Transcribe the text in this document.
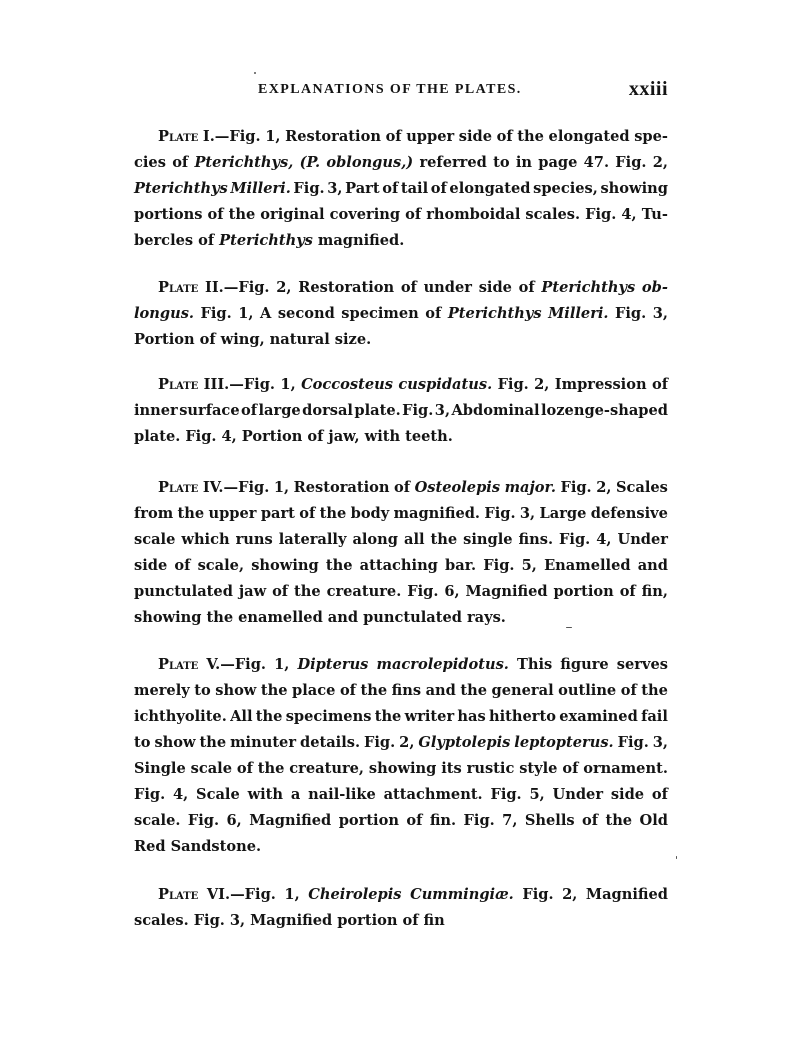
EXPLANATIONS OF THE PLATES.	xxiii
Plate I.—Fig. 1, Restoration of upper side of the elongated spe-
cies of Pterichthys, (P. oblongus,) referred to in page 47. Fig. 2,
Pterichthys Milleri. Fig. 3, Part of tail of elongated species, showing
portions of the original covering of rhomboidal scales. Fig. 4, Tu-
bercles of Pterichthys magnified.
Plate II.—Fig. 2, Restoration of under side of Pterichthys ob-
longus. Fig. 1, A second specimen of Pterichthys Milleri. Fig. 3,
Portion of wing, natural size.
Plate III.—Fig. 1, Coccosteus cuspidatus. Fig. 2, Impression of
inner surface of large dorsal plate. Fig. 3, Abdominal lozenge-shaped
plate. Fig. 4, Portion of jaw, with teeth.
Plate IV.—Fig. 1, Restoration of Osteolepis major. Fig. 2, Scales
from the upper part of the body magnified. Fig. 3, Large defensive
scale which runs laterally along all the single fins. Fig. 4, Under
side of scale, showing the attaching bar. Fig. 5, Enamelled and
punctulated jaw of the creature. Fig. 6, Magnified portion of fin,
showing the enamelled and punctulated rays.
Plate V.—Fig. 1, Dipterus macrolepidotus. This figure serves
merely to show the place of the fins and the general outline of the
ichthyolite. All the specimens the writer has hitherto examined fail
to show the minuter details. Fig. 2, Glyptolepis leptopterus. Fig. 3,
Single scale of the creature, showing its rustic style of ornament.
Fig. 4, Scale with a nail-like attachment. Fig. 5, Under side of
scale. Fig. 6, Magnified portion of fin. Fig. 7, Shells of the Old
Red Sandstone.
Plate VI.—Fig. 1, Cheirolepis Cummingiæ. Fig. 2, Magnified
scales. Fig. 3, Magnified portion of fin
